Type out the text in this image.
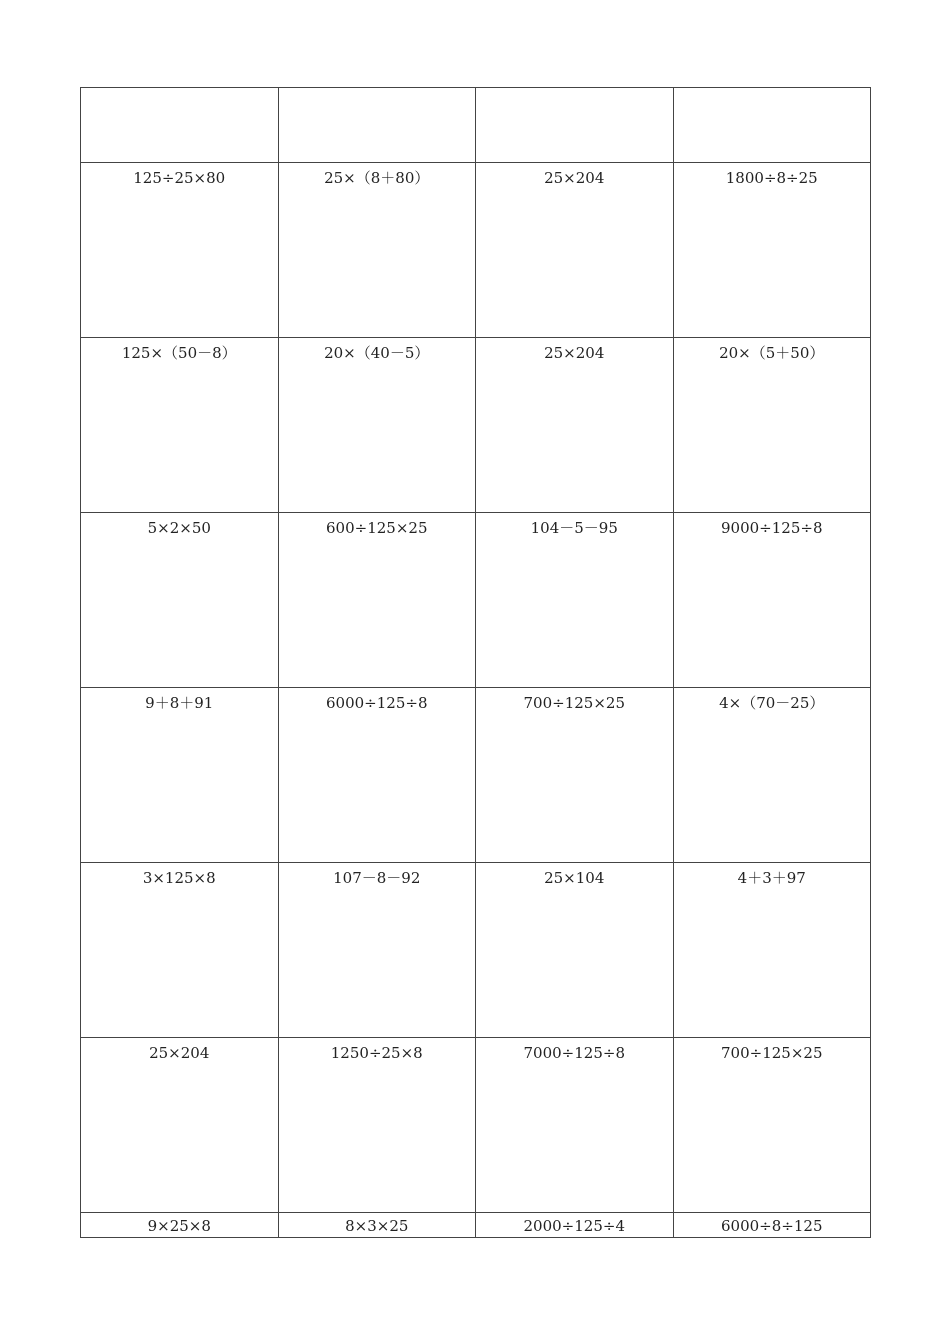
125÷25×80	25×（8＋80）	25×204	1800÷8÷25

125×（50－8）	20×（40－5）	25×204	20×（5＋50）

5×2×50	600÷125×25	104－5－95	9000÷125÷8

9＋8＋91	6000÷125÷8	700÷125×25	4×（70－25）

3×125×8	107－8－92	25×104	4＋3＋97

25×204	1250÷25×8	7000÷125÷8	700÷125×25

9×25×8	8×3×25	2000÷125÷4	6000÷8÷125
